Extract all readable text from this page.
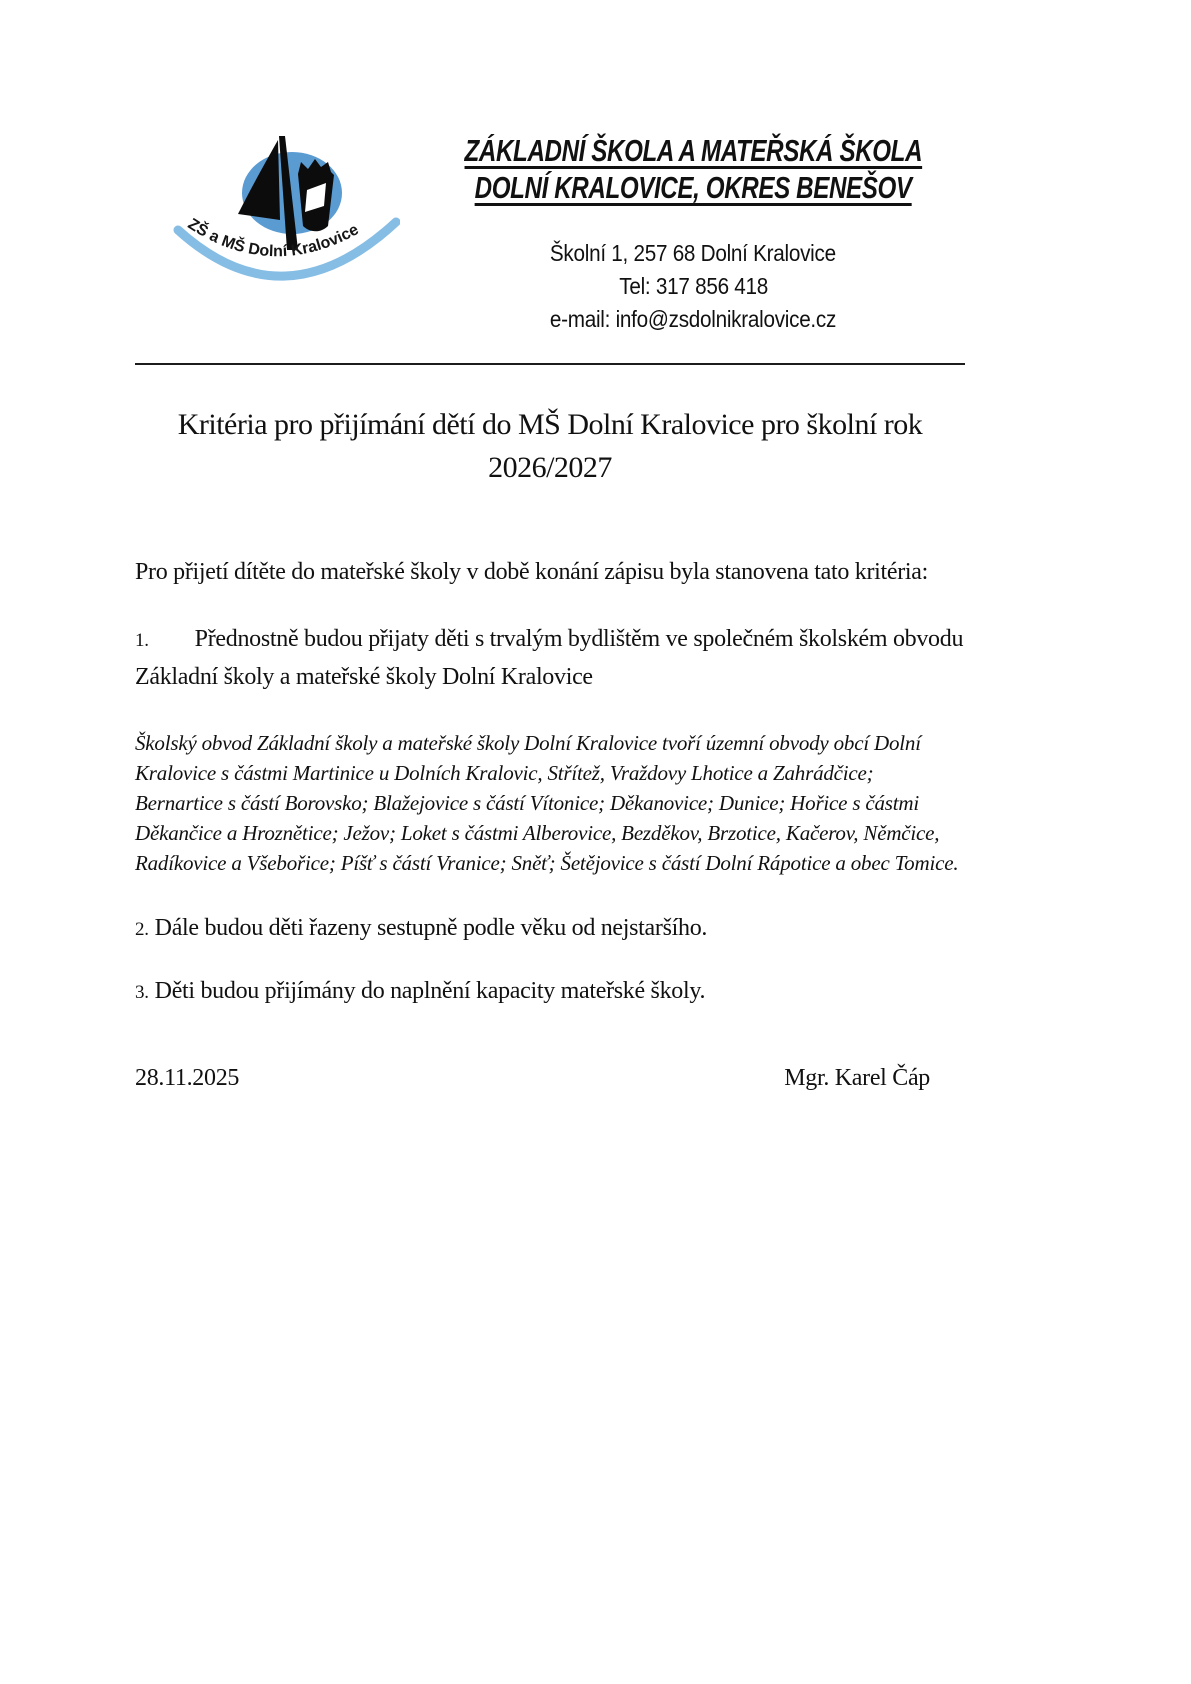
ZŠ a MŠ Dolní Kralovice
ZÁKLADNÍ ŠKOLA A MATEŘSKÁ ŠKOLA
DOLNÍ KRALOVICE, OKRES BENEŠOV
Školní 1, 257 68 Dolní Kralovice
Tel: 317 856 418
e-mail: info@zsdolnikralovice.cz
Kritéria pro přijímání dětí do MŠ Dolní Kralovice pro školní rok 2026/2027

Pro přijetí dítěte do mateřské školy v době konání zápisu byla stanovena tato kritéria:

1. Přednostně budou přijaty děti s trvalým bydlištěm ve společném školském obvodu Základní školy a mateřské školy Dolní Kralovice

Školský obvod Základní školy a mateřské školy Dolní Kralovice tvoří územní obvody obcí Dolní Kralovice s částmi Martinice u Dolních Kralovic, Střítež, Vraždovy Lhotice a Zahrádčice; Bernartice s částí Borovsko; Blažejovice s částí Vítonice; Děkanovice; Dunice; Hořice s částmi Děkančice a Hroznětice; Ježov; Loket s částmi Alberovice, Bezděkov, Brzotice, Kačerov, Němčice, Radíkovice a Všebořice; Píšť s částí Vranice; Sněť; Šetějovice s částí Dolní Rápotice a obec Tomice.

2. Dále budou děti řazeny sestupně podle věku od nejstaršího.

3. Děti budou přijímány do naplnění kapacity mateřské školy.

28.11.2025	Mgr. Karel Čáp
